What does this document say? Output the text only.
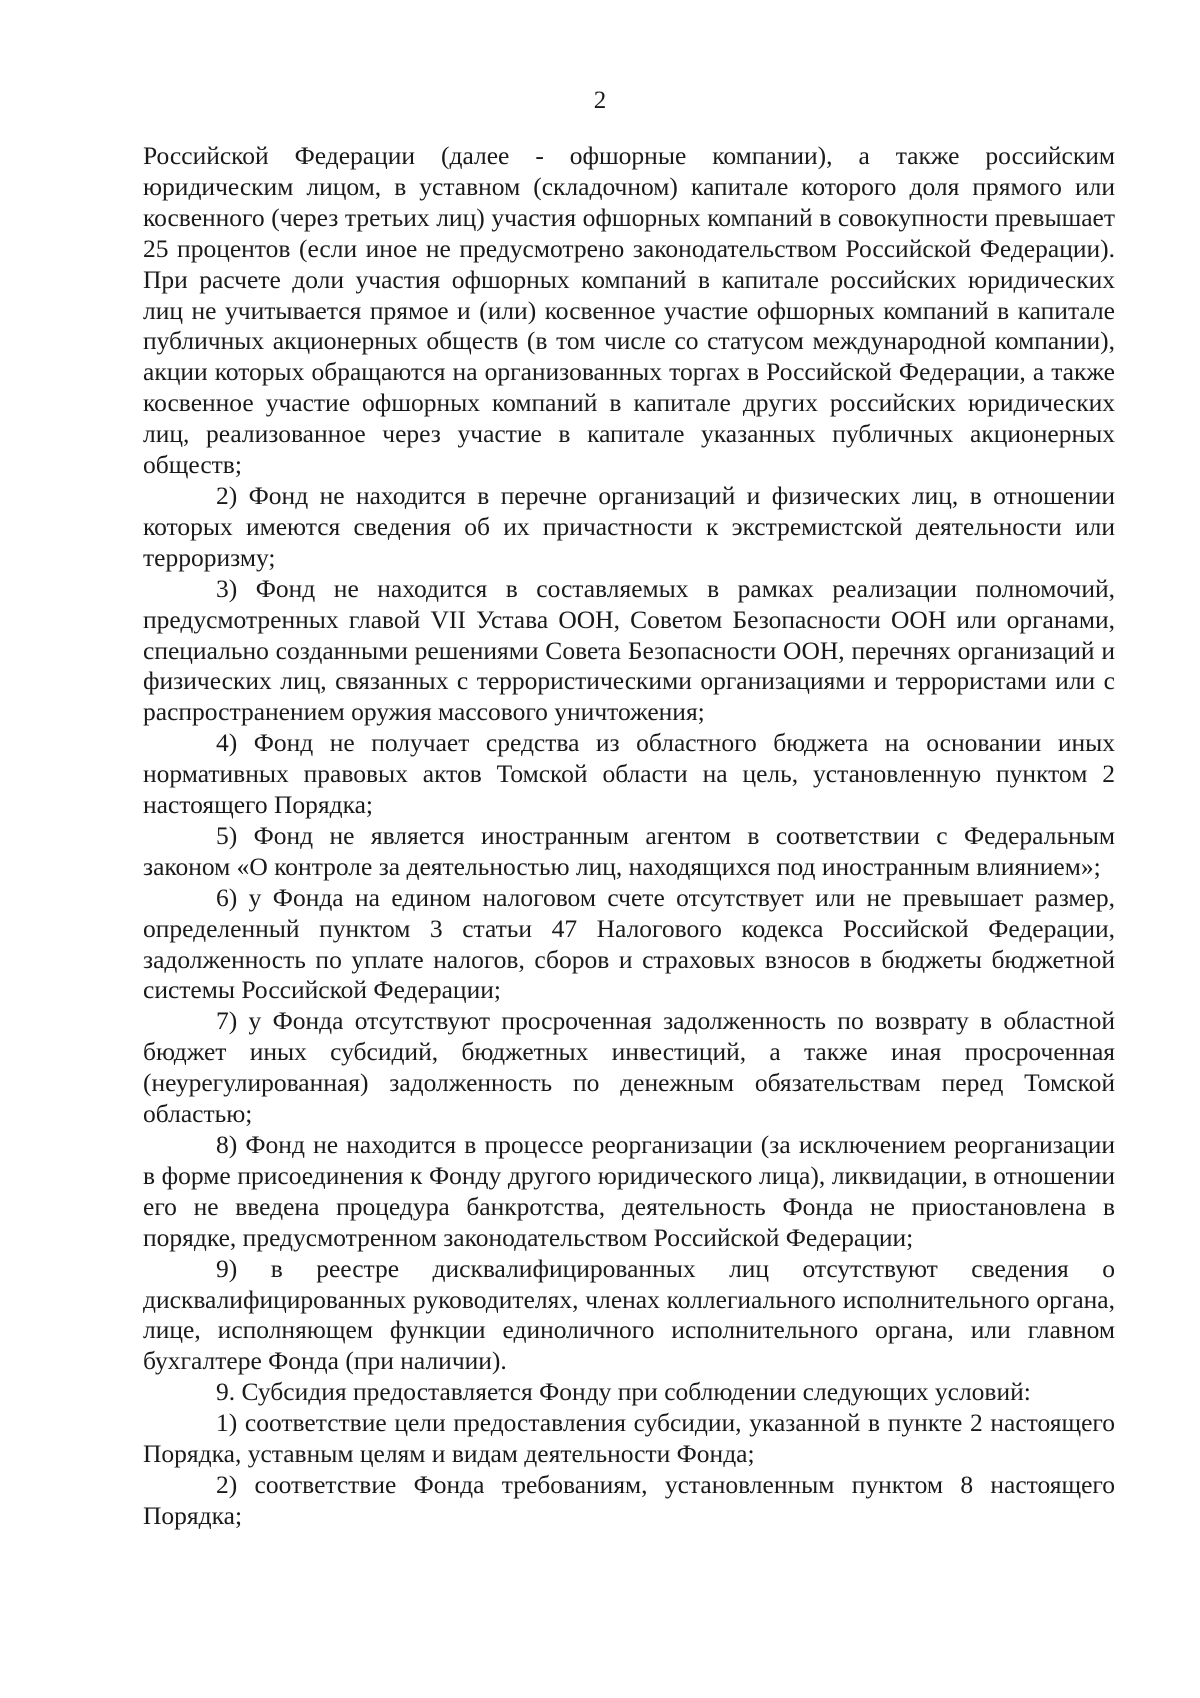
2

Российской Федерации (далее - офшорные компании), а также российским юридическим лицом, в уставном (складочном) капитале которого доля прямого или косвенного (через третьих лиц) участия офшорных компаний в совокупности превышает 25 процентов (если иное не предусмотрено законодательством Российской Федерации). При расчете доли участия офшорных компаний в капитале российских юридических лиц не учитывается прямое и (или) косвенное участие офшорных компаний в капитале публичных акционерных обществ (в том числе со статусом международной компании), акции которых обращаются на организованных торгах в Российской Федерации, а также косвенное участие офшорных компаний в капитале других российских юридических лиц, реализованное через участие в капитале указанных публичных акционерных обществ;

2) Фонд не находится в перечне организаций и физических лиц, в отношении которых имеются сведения об их причастности к экстремистской деятельности или терроризму;

3) Фонд не находится в составляемых в рамках реализации полномочий, предусмотренных главой VII Устава ООН, Советом Безопасности ООН или органами, специально созданными решениями Совета Безопасности ООН, перечнях организаций и физических лиц, связанных с террористическими организациями и террористами или с распространением оружия массового уничтожения;

4) Фонд не получает средства из областного бюджета на основании иных нормативных правовых актов Томской области на цель, установленную пунктом 2 настоящего Порядка;

5) Фонд не является иностранным агентом в соответствии с Федеральным законом «О контроле за деятельностью лиц, находящихся под иностранным влиянием»;

6) у Фонда на едином налоговом счете отсутствует или не превышает размер, определенный пунктом 3 статьи 47 Налогового кодекса Российской Федерации, задолженность по уплате налогов, сборов и страховых взносов в бюджеты бюджетной системы Российской Федерации;

7) у Фонда отсутствуют просроченная задолженность по возврату в областной бюджет иных субсидий, бюджетных инвестиций, а также иная просроченная (неурегулированная) задолженность по денежным обязательствам перед Томской областью;

8) Фонд не находится в процессе реорганизации (за исключением реорганизации в форме присоединения к Фонду другого юридического лица), ликвидации, в отношении его не введена процедура банкротства, деятельность Фонда не приостановлена в порядке, предусмотренном законодательством Российской Федерации;

9) в реестре дисквалифицированных лиц отсутствуют сведения о дисквалифицированных руководителях, членах коллегиального исполнительного органа, лице, исполняющем функции единоличного исполнительного органа, или главном бухгалтере Фонда (при наличии).

9. Субсидия предоставляется Фонду при соблюдении следующих условий:

1) соответствие цели предоставления субсидии, указанной в пункте 2 настоящего Порядка, уставным целям и видам деятельности Фонда;

2) соответствие Фонда требованиям, установленным пунктом 8 настоящего Порядка;
